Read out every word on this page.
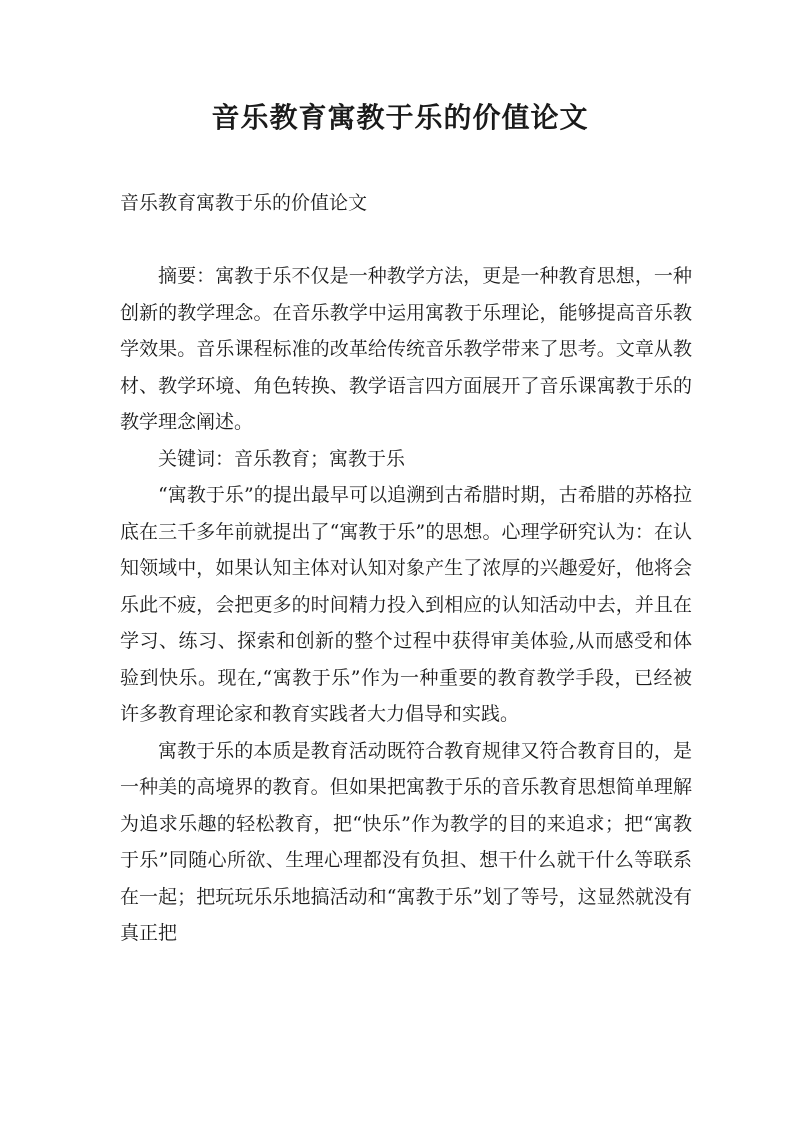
音乐教育寓教于乐的价值论文
音乐教育寓教于乐的价值论文

摘要：寓教于乐不仅是一种教学方法，更是一种教育思想，一种创新的教学理念。在音乐教学中运用寓教于乐理论，能够提高音乐教学效果。音乐课程标准的改革给传统音乐教学带来了思考。文章从教材、教学环境、角色转换、教学语言四方面展开了音乐课寓教于乐的教学理念阐述。

关键词：音乐教育；寓教于乐

“寓教于乐”的提出最早可以追溯到古希腊时期，古希腊的苏格拉底在三千多年前就提出了“寓教于乐”的思想。心理学研究认为：在认知领域中，如果认知主体对认知对象产生了浓厚的兴趣爱好，他将会乐此不疲，会把更多的时间精力投入到相应的认知活动中去，并且在学习、练习、探索和创新的整个过程中获得审美体验,从而感受和体验到快乐。现在,“寓教于乐”作为一种重要的教育教学手段，已经被许多教育理论家和教育实践者大力倡导和实践。

寓教于乐的本质是教育活动既符合教育规律又符合教育目的，是一种美的高境界的教育。但如果把寓教于乐的音乐教育思想简单理解为追求乐趣的轻松教育，把“快乐”作为教学的目的来追求；把“寓教于乐”同随心所欲、生理心理都没有负担、想干什么就干什么等联系在一起；把玩玩乐乐地搞活动和“寓教于乐”划了等号，这显然就没有真正把
